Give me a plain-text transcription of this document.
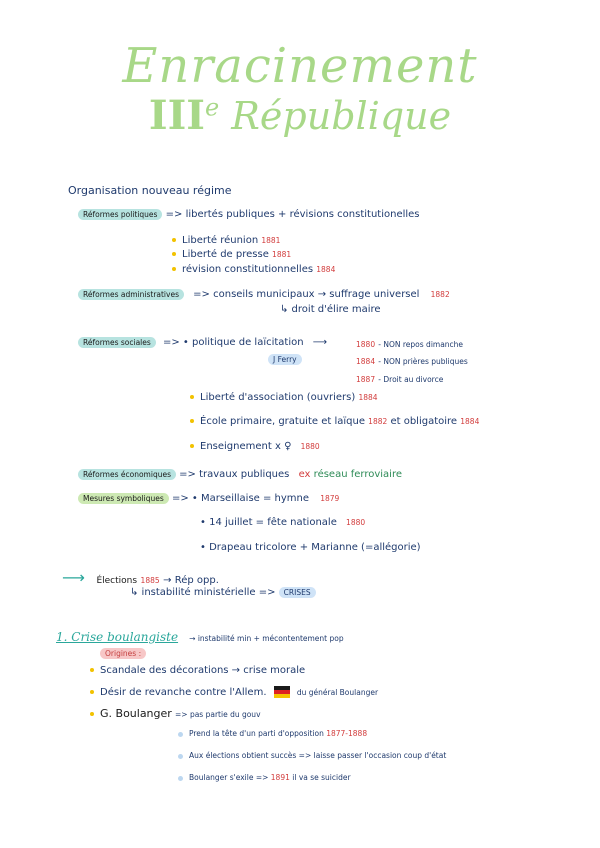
Enracinement
IIIe République
Organisation nouveau régime
Réformes politiques => libertés publiques + révisions constitutionelles
Liberté réunion 1881
Liberté de presse 1881
révision constitutionnelles 1884
Réformes administratives => conseils municipaux → suffrage universel 1882
↳ droit d'élire maire
Réformes sociales => • politique de laïcitation ⟶
J Ferry
1880 - NON repos dimanche
1884 - NON prières publiques
1887 - Droit au divorce
Liberté d'association (ouvriers) 1884
École primaire, gratuite et laïque 1882 et obligatoire 1884
Enseignement x ♀ 1880
Réformes économiques => travaux publiques ex réseau ferroviaire
Mesures symboliques => • Marseillaise = hymne 1879
• 14 juillet = fête nationale 1880
• Drapeau tricolore + Marianne (=allégorie)
⟶ Élections 1885 → Rép opp.
↳ instabilité ministérielle => CRISES
1. Crise boulangiste → instabilité min + mécontentement pop
Origines :
Scandale des décorations → crise morale
Désir de revanche contre l'Allem.	du général Boulanger
G. Boulanger => pas partie du gouv
Prend la tête d'un parti d'opposition 1877-1888
Aux élections obtient succès => laisse passer l'occasion coup d'état
Boulanger s'exile => 1891 il va se suicider
